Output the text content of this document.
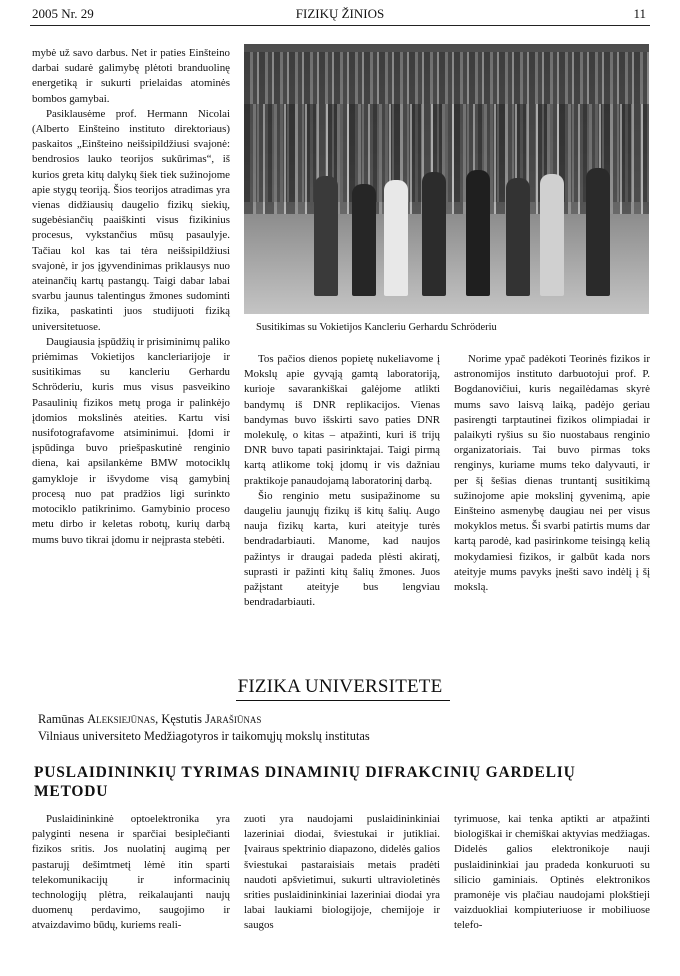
2005 Nr. 29	FIZIKŲ ŽINIOS	11

mybė už savo darbus. Net ir paties Einšteino darbai sudarė galimybę plėtoti branduolinę energetiką ir sukurti prielaidas atominės bombos gamybai.

Pasiklausėme prof. Hermann Nicolai (Alberto Einšteino instituto direktoriaus) paskaitos „Einšteino neišsipildžiusi svajonė: bendrosios lauko teorijos sukūrimas“, iš kurios greta kitų dalykų šiek tiek sužinojome apie stygų teoriją. Šios teorijos atradimas yra vienas didžiausių daugelio fizikų siekių, sugebėsiančių paaiškinti visus fizikinius procesus, vykstančius mūsų pasaulyje. Tačiau kol kas tai tėra neišsipildžiusi svajonė, ir jos įgyvendinimas priklausys nuo ateinančių kartų pastangų. Taigi dabar labai svarbu jaunus talentingus žmones sudominti fizika, paskatinti juos studijuoti fiziką universitetuose.

Daugiausia įspūdžių ir prisiminimų paliko priėmimas Vokietijos kancleriarijoje ir susitikimas su kancleriu Gerhardu Schröderiu, kuris mus visus pasveikino Pasaulinių fizikos metų proga ir palinkėjo įdomios mokslinės ateities. Kartu visi nusifotografavome atsiminimui. Įdomi ir įspūdinga buvo priešpaskutinė renginio diena, kai apsilankėme BMW motociklų gamykloje ir išvydome visą gamybinį procesą nuo pat pradžios ligi surinkto motociklo patikrinimo. Gamybinio proceso metu dirbo ir keletas robotų, kurių darbą mums buvo tikrai įdomu ir neįprasta stebėti.

Susitikimas su Vokietijos Kancleriu Gerhardu Schröderiu

Tos pačios dienos popietę nukeliavome į Mokslų apie gyvąją gamtą laboratoriją, kurioje savarankiškai galėjome atlikti bandymų iš DNR replikacijos. Vienas bandymas buvo išskirti savo paties DNR molekulę, o kitas – atpažinti, kuri iš trijų DNR buvo tapati pasirinktajai. Taigi pirmą kartą atlikome tokį įdomų ir vis dažniau praktikoje panaudojamą laboratorinį darbą.

Šio renginio metu susipažinome su daugeliu jaunųjų fizikų iš kitų šalių. Augo nauja fizikų karta, kuri ateityje turės bendradarbiauti. Manome, kad naujos pažintys ir draugai padeda plėsti akiratį, suprasti ir pažinti kitų šalių žmones. Juos pažįstant ateityje bus lengviau bendradarbiauti.

Norime ypač padėkoti Teorinės fizikos ir astronomijos instituto darbuotojui prof. P. Bogdanovičiui, kuris negailėdamas skyrė mums savo laisvą laiką, padėjo geriau pasirengti tarptautinei fizikos olimpiadai ir palaikyti ryšius su šio nuostabaus renginio organizatoriais. Tai buvo pirmas toks renginys, kuriame mums teko dalyvauti, ir per šį šešias dienas truntantį susitikimą sužinojome apie mokslinį gyvenimą, apie Einšteino asmenybę daugiau nei per visus mokyklos metus. Ši svarbi patirtis mums dar kartą parodė, kad pasirinkome teisingą kelią mokydamiesi fizikos, ir galbūt kada nors ateityje mums pavyks įnešti savo indėlį į šį mokslą.

FIZIKA UNIVERSITETE
Ramūnas Aleksiejūnas, Kęstutis Jarašiūnas
Vilniaus universiteto Medžiagotyros ir taikomųjų mokslų institutas
PUSLAIDININKIŲ TYRIMAS DINAMINIŲ DIFRAKCINIŲ GARDELIŲ METODU

Puslaidininkinė optoelektronika yra palyginti nesena ir sparčiai besiplečianti fizikos sritis. Jos nuolatinį augimą per pastarujį dešimtmetį lėmė itin sparti telekomunikacijų ir informacinių technologijų plėtra, reikalaujanti naujų duomenų perdavimo, saugojimo ir atvaizdavimo būdų, kuriems reali-

zuoti yra naudojami puslaidininkiniai lazeriniai diodai, šviestukai ir jutikliai. Įvairaus spektrinio diapazono, didelės galios šviestukai pastaraisiais metais pradėti naudoti apšvietimui, sukurti ultravioletinės srities puslaidininkiniai lazeriniai diodai yra labai laukiami biologijoje, chemijoje ir saugos

tyrimuose, kai tenka aptikti ar atpažinti biologiškai ir chemiškai aktyvias medžiagas. Didelės galios elektronikoje nauji puslaidininkiai jau pradeda konkuruoti su silicio gaminiais. Optinės elektronikos pramonėje vis plačiau naudojami plokštieji vaizduokliai kompiuteriuose ir mobiliuose telefo-
